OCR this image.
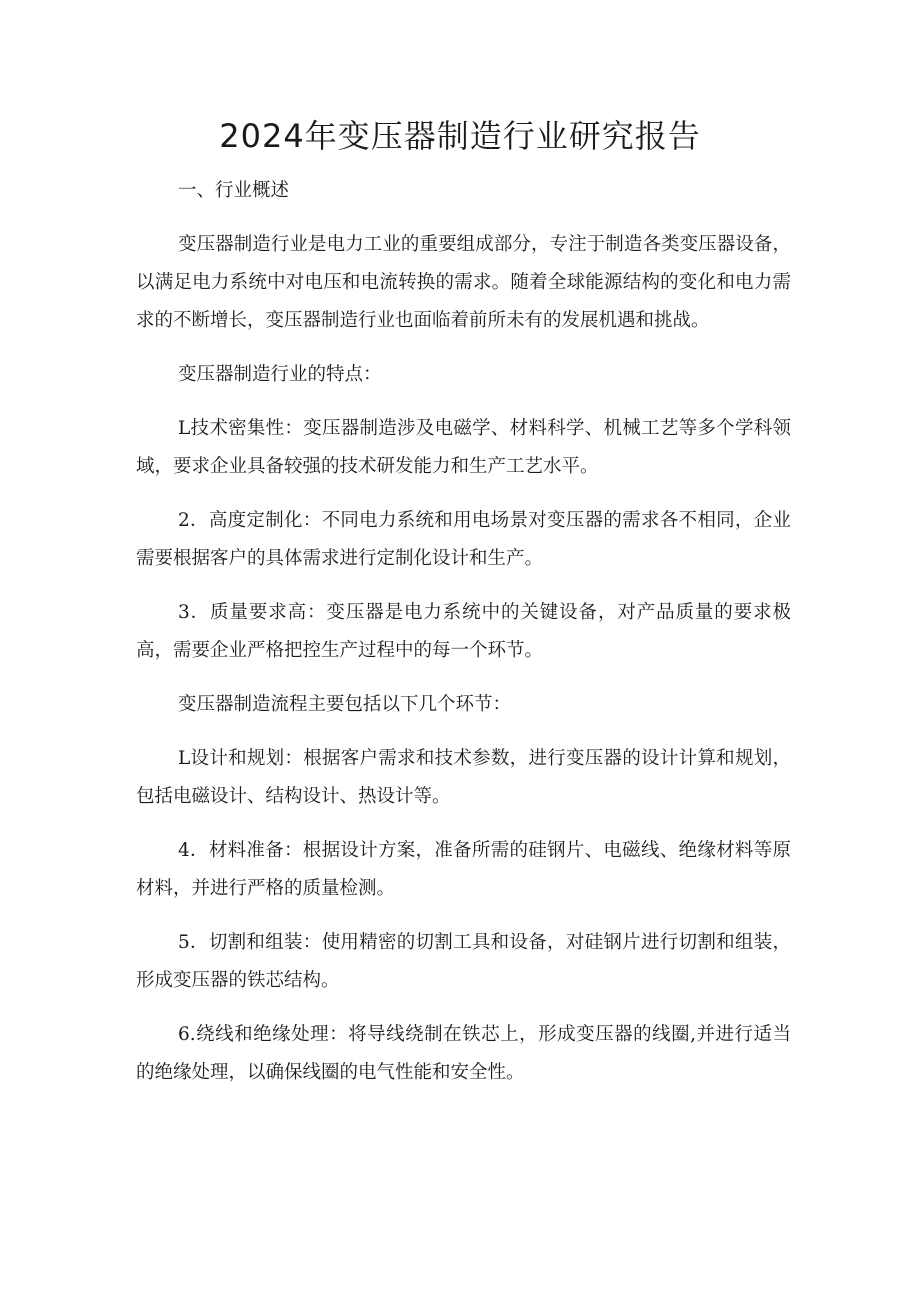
2024年变压器制造行业研究报告

一、行业概述

变压器制造行业是电力工业的重要组成部分，专注于制造各类变压器设备，以满足电力系统中对电压和电流转换的需求。随着全球能源结构的变化和电力需求的不断增长，变压器制造行业也面临着前所未有的发展机遇和挑战。

变压器制造行业的特点：

L技术密集性：变压器制造涉及电磁学、材料科学、机械工艺等多个学科领域，要求企业具备较强的技术研发能力和生产工艺水平。

2．高度定制化：不同电力系统和用电场景对变压器的需求各不相同，企业需要根据客户的具体需求进行定制化设计和生产。

3．质量要求高：变压器是电力系统中的关键设备，对产品质量的要求极高，需要企业严格把控生产过程中的每一个环节。

变压器制造流程主要包括以下几个环节：

L设计和规划：根据客户需求和技术参数，进行变压器的设计计算和规划，包括电磁设计、结构设计、热设计等。

4．材料准备：根据设计方案，准备所需的硅钢片、电磁线、绝缘材料等原材料，并进行严格的质量检测。

5．切割和组装：使用精密的切割工具和设备，对硅钢片进行切割和组装，形成变压器的铁芯结构。

6.绕线和绝缘处理：将导线绕制在铁芯上，形成变压器的线圈,并进行适当的绝缘处理，以确保线圈的电气性能和安全性。
